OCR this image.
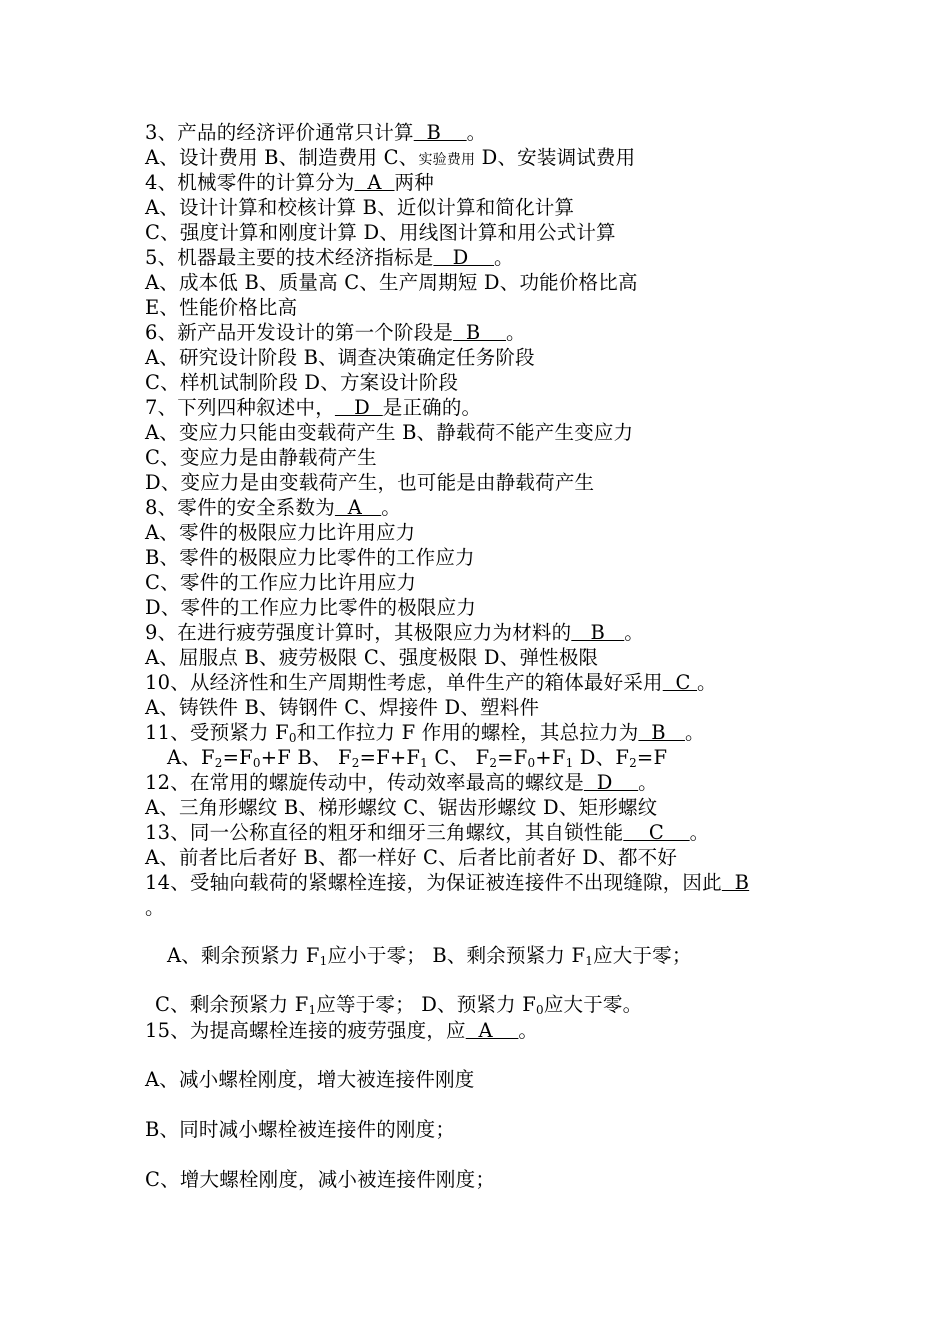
3、产品的经济评价通常只计算  B    。
A、设计费用 B、制造费用 C、实验费用 D、安装调试费用
4、机械零件的计算分为  A  两种
A、设计计算和校核计算 B、近似计算和简化计算
C、强度计算和刚度计算 D、用线图计算和用公式计算
5、机器最主要的技术经济指标是   D    。
A、成本低 B、质量高 C、生产周期短 D、功能价格比高
E、性能价格比高
6、新产品开发设计的第一个阶段是  B    。
A、研究设计阶段 B、调查决策确定任务阶段
C、样机试制阶段 D、方案设计阶段
7、下列四种叙述中，   D  是正确的。
A、变应力只能由变载荷产生 B、静载荷不能产生变应力
C、变应力是由静载荷产生
D、变应力是由变载荷产生，也可能是由静载荷产生
8、零件的安全系数为  A   。
A、零件的极限应力比许用应力
B、零件的极限应力比零件的工作应力
C、零件的工作应力比许用应力
D、零件的工作应力比零件的极限应力
9、在进行疲劳强度计算时，其极限应力为材料的   B   。
A、屈服点 B、疲劳极限 C、强度极限 D、弹性极限
10、从经济性和生产周期性考虑，单件生产的箱体最好采用  C 。
A、铸铁件 B、铸钢件 C、焊接件 D、塑料件
11、受预紧力 $F_0$和工作拉力 F 作用的螺栓，其总拉力为  B   。
A、$F_2=F_0+F$ B、 $F_2=F+F_1$ C、 $F_2=F_0+F_1$ D、$F_2=F$
12、在常用的螺旋传动中，传动效率最高的螺纹是  D    。
A、三角形螺纹 B、梯形螺纹 C、锯齿形螺纹 D、矩形螺纹
13、同一公称直径的粗牙和细牙三角螺纹，其自锁性能    C    。
A、前者比后者好 B、都一样好 C、后者比前者好 D、都不好
14、受轴向载荷的紧螺栓连接，为保证被连接件不出现缝隙，因此  B
。
A、剩余预紧力 $F_1$应小于零； B、剩余预紧力 $F_1$应大于零；
C、剩余预紧力 $F_1$应等于零； D、预紧力 $F_0$应大于零。
15、为提高螺栓连接的疲劳强度，应  A    。
A、减小螺栓刚度，增大被连接件刚度
B、同时减小螺栓被连接件的刚度；
C、增大螺栓刚度，减小被连接件刚度；
